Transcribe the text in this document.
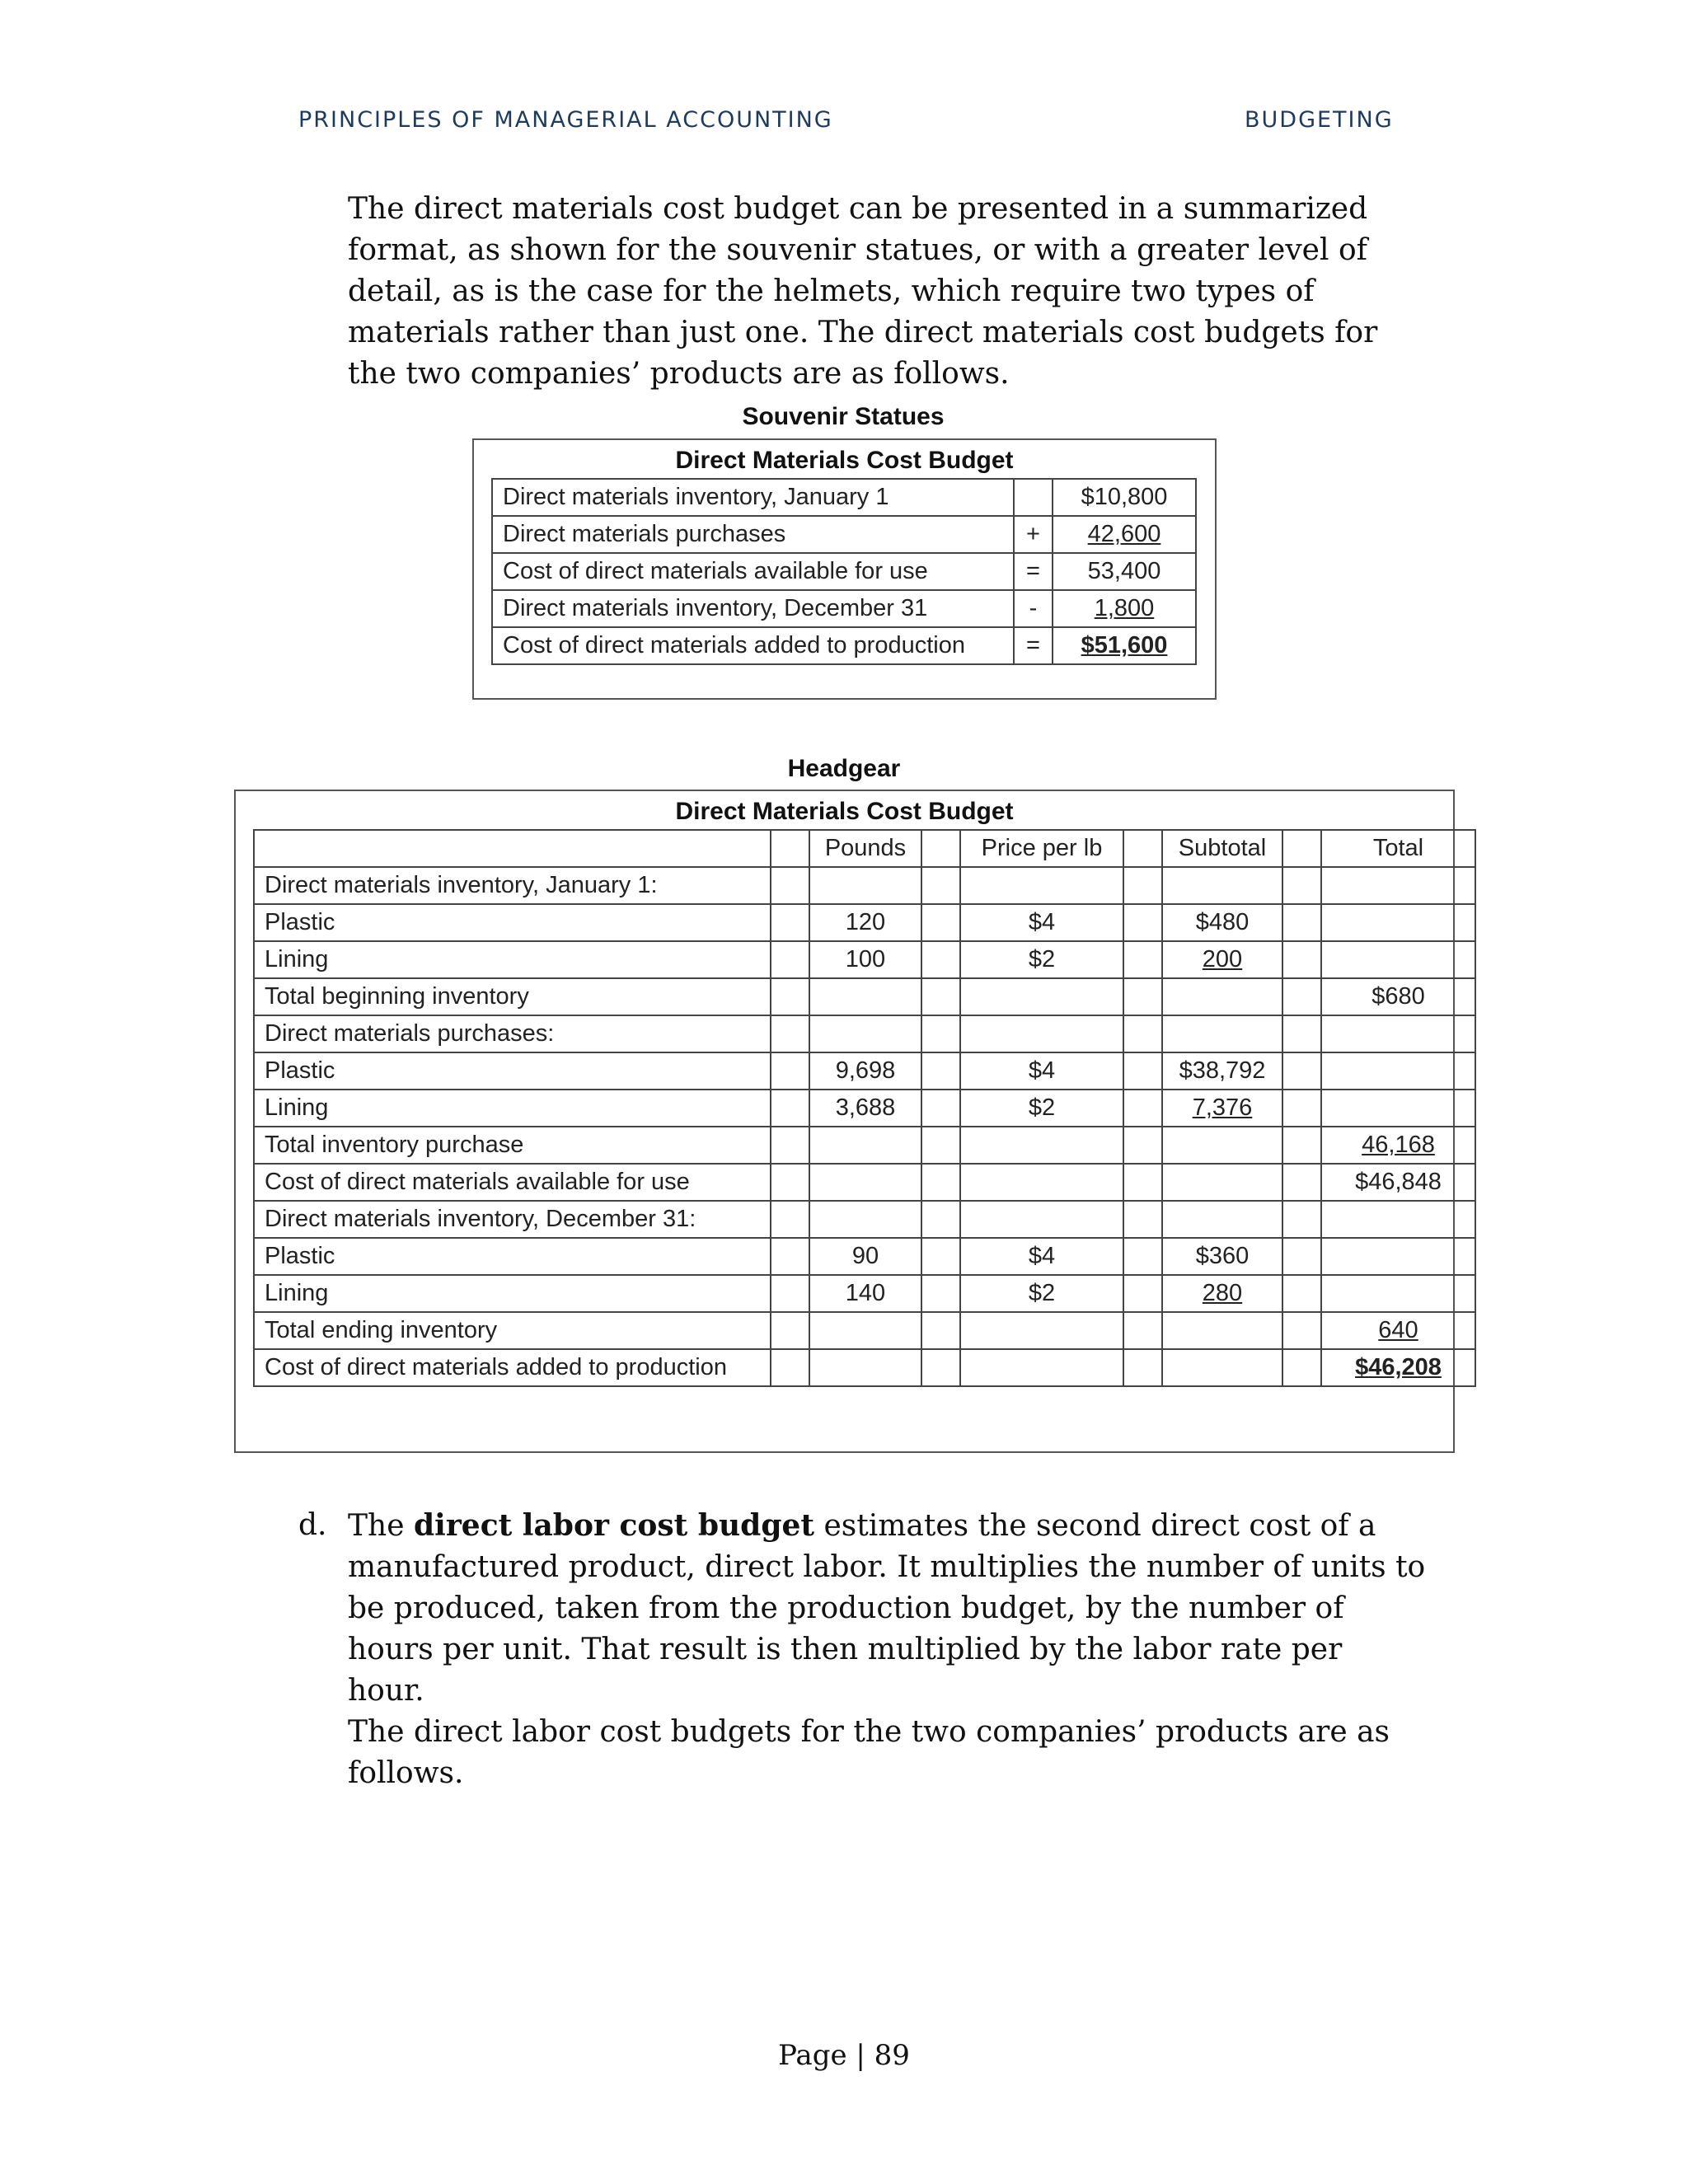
PRINCIPLES OF MANAGERIAL ACCOUNTING	BUDGETING

The direct materials cost budget can be presented in a summarized format, as shown for the souvenir statues, or with a greater level of detail, as is the case for the helmets, which require two types of materials rather than just one. The direct materials cost budgets for the two companies’ products are as follows.

Souvenir Statues
Direct Materials Cost Budget
Direct materials inventory, January 1		$10,800
Direct materials purchases	+	42,600
Cost of direct materials available for use	=	53,400
Direct materials inventory, December 31	-	1,800
Cost of direct materials added to production	=	$51,600
Headgear
Direct Materials Cost Budget
		Pounds		Price per lb		Subtotal		Total
Direct materials inventory, January 1:								
Plastic		120		$4		$480		
Lining		100		$2		200		
Total beginning inventory								$680
Direct materials purchases:								
Plastic		9,698		$4		$38,792		
Lining		3,688		$2		7,376		
Total inventory purchase								46,168
Cost of direct materials available for use								$46,848
Direct materials inventory, December 31:								
Plastic		90		$4		$360		
Lining		140		$2		280		
Total ending inventory								640
Cost of direct materials added to production								$46,208
d. The direct labor cost budget estimates the second direct cost of a manufactured product, direct labor. It multiplies the number of units to be produced, taken from the production budget, by the number of hours per unit. That result is then multiplied by the labor rate per hour.

The direct labor cost budgets for the two companies’ products are as follows.

Page | 89
